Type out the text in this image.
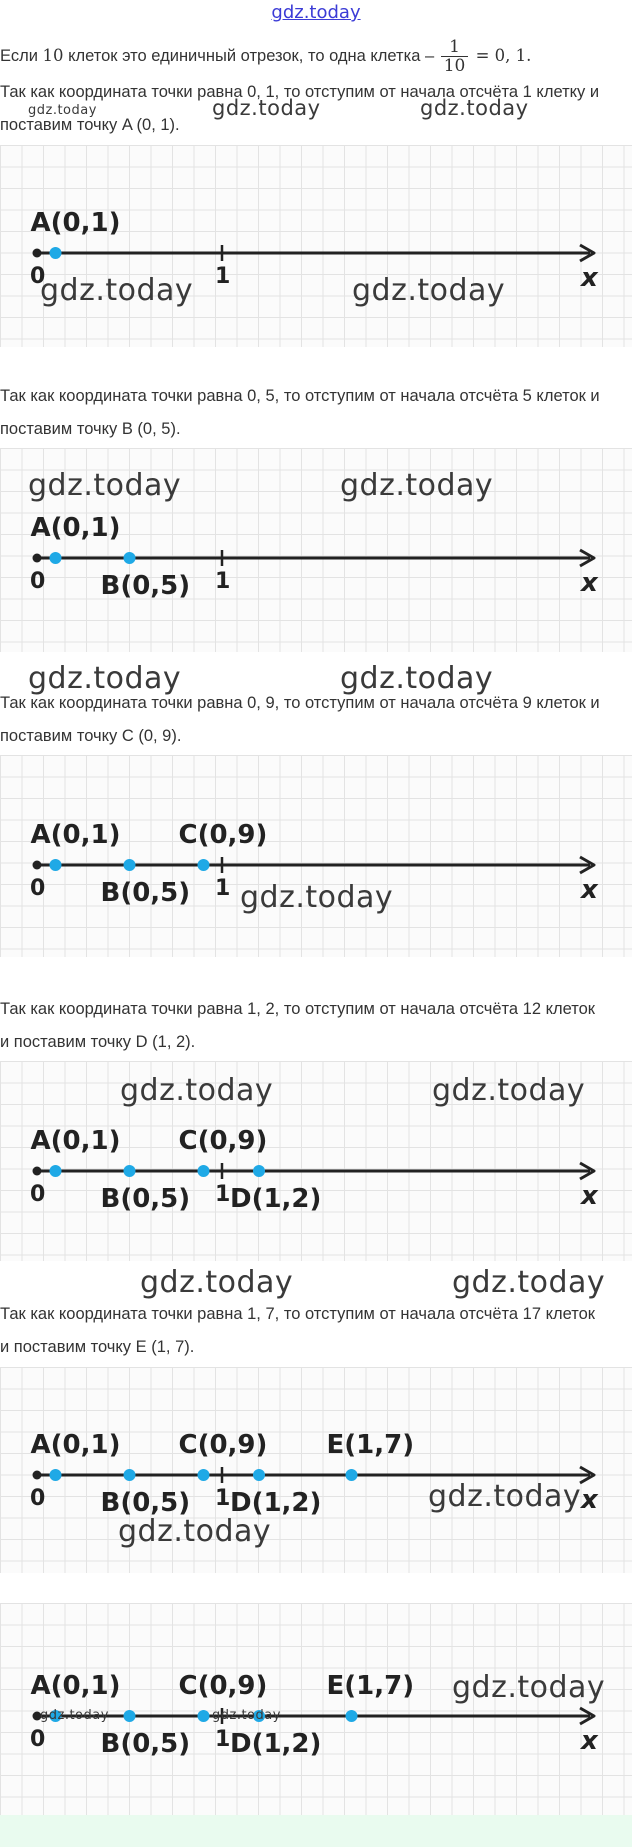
gdz.today

Если 10 клеток это единичный отрезок, то одна клетка – $\frac{1}{10} = 0$, 1.

Так как координата точки равна 0, 1, то отступим от начала отсчёта 1 клетку и
поставим точку A (0, 1).

gdz.today	gdz.today	gdz.today
0	1	x
A(0,1)
gdz.today	gdz.today

Так как координата точки равна 0, 5, то отступим от начала отсчёта 5 клеток и
поставим точку B (0, 5).

0	1	x
A(0,1)
B(0,5)
gdz.today	gdz.today
gdz.today	gdz.today

Так как координата точки равна 0, 9, то отступим от начала отсчёта 9 клеток и
поставим точку C (0, 9).

0	1	x
A(0,1)
B(0,5)
C(0,9)
gdz.today

Так как координата точки равна 1, 2, то отступим от начала отсчёта 12 клеток
и поставим точку D (1, 2).

0	1	x
A(0,1)
B(0,5)
C(0,9)
D(1,2)
gdz.today	gdz.today
gdz.today	gdz.today

Так как координата точки равна 1, 7, то отступим от начала отсчёта 17 клеток
и поставим точку E (1, 7).

0	1	x
A(0,1)
B(0,5)
C(0,9)
D(1,2)
E(1,7)
gdz.today
gdz.today
0	1	x
A(0,1)
B(0,5)
C(0,9)
D(1,2)
E(1,7) gdz.today
gdz.today	gdz.today
